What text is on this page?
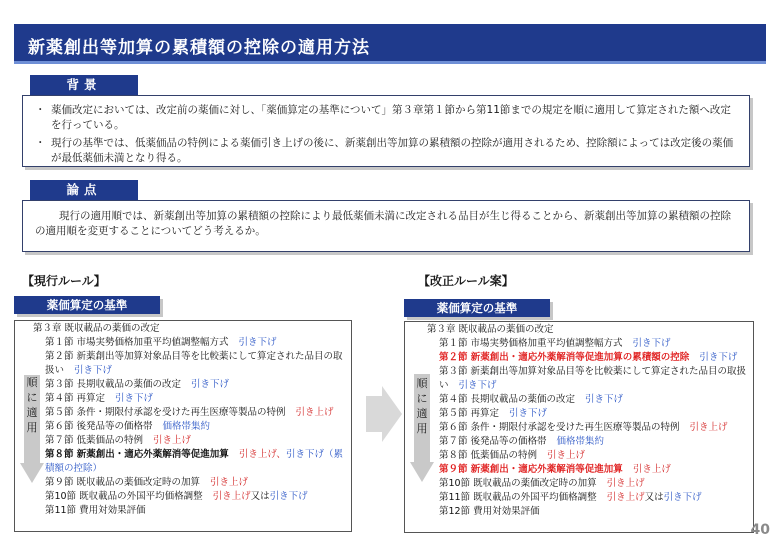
新薬創出等加算の累積額の控除の適用方法
背景
・ 薬価改定においては、改定前の薬価に対し、「薬価算定の基準について」第３章第１節から第11節までの規定を順に適用して算定された額へ改定を行っている。
・ 現行の基準では、低薬価品の特例による薬価引き上げの後に、新薬創出等加算の累積額の控除が適用されるため、控除額によっては改定後の薬価が最低薬価未満となり得る。
論点

現行の適用順では、新薬創出等加算の累積額の控除により最低薬価未満に改定される品目が生じ得ることから、新薬創出等加算の累積額の控除の適用順を変更することについてどう考えるか。

【現行ルール】
薬価算定の基準
順に適用
第３章 既収載品の薬価の改定
第１節 市場実勢価格加重平均値調整幅方式 引き下げ
第２節 新薬創出等加算対象品目等を比較薬にして算定された品目の取扱い 引き下げ
第３節 長期収載品の薬価の改定 引き下げ
第４節 再算定 引き下げ
第５節 条件・期限付承認を受けた再生医療等製品の特例 引き上げ
第６節 後発品等の価格帯 価格帯集約
第７節 低薬価品の特例 引き上げ
第８節 新薬創出・適応外薬解消等促進加算 引き上げ、引き下げ（累積額の控除）
第９節 既収載品の薬価改定時の加算 引き上げ
第10節 既収載品の外国平均価格調整 引き上げ又は引き下げ
第11節 費用対効果評価
【改正ルール案】
薬価算定の基準
順に適用
第３章 既収載品の薬価の改定
第１節 市場実勢価格加重平均値調整幅方式 引き下げ
第２節 新薬創出・適応外薬解消等促進加算の累積額の控除 引き下げ
第３節 新薬創出等加算対象品目等を比較薬にして算定された品目の取扱い 引き下げ
第４節 長期収載品の薬価の改定 引き下げ
第５節 再算定 引き下げ
第６節 条件・期限付承認を受けた再生医療等製品の特例 引き上げ
第７節 後発品等の価格帯 価格帯集約
第８節 低薬価品の特例 引き上げ
第９節 新薬創出・適応外薬解消等促進加算 引き上げ
第10節 既収載品の薬価改定時の加算 引き上げ
第11節 既収載品の外国平均価格調整 引き上げ又は引き下げ
第12節 費用対効果評価
40
